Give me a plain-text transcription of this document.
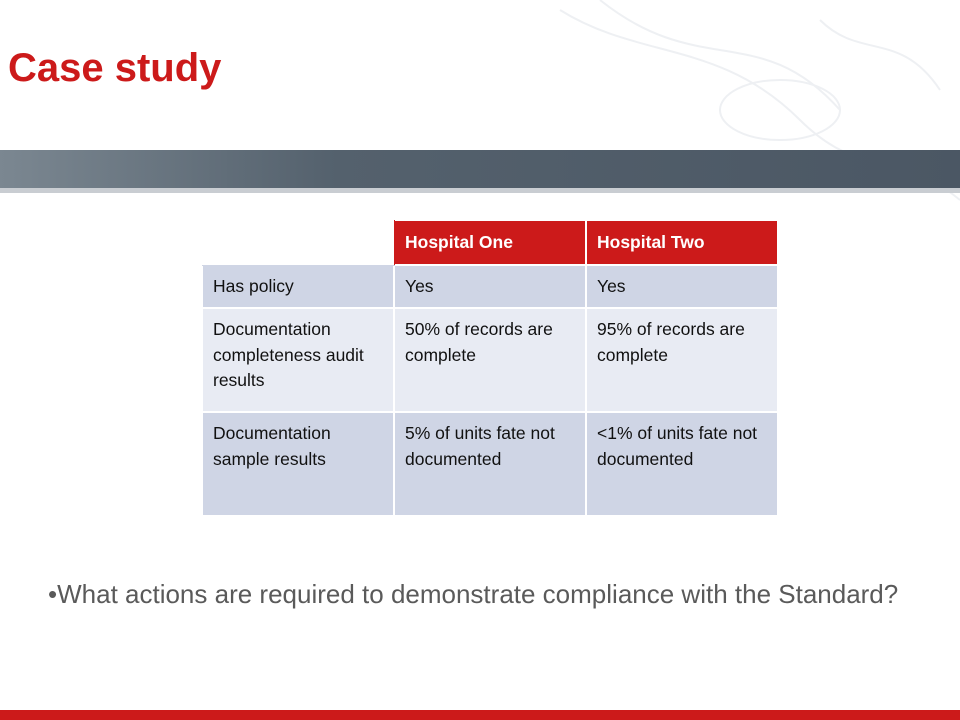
Case study
	Hospital One	Hospital Two
Has policy	Yes	Yes
Documentation completeness audit results	50% of records are complete	95% of records are complete
Documentation sample results	5% of units fate not documented	<1% of units fate not documented
•What actions are required to demonstrate compliance with the Standard?
